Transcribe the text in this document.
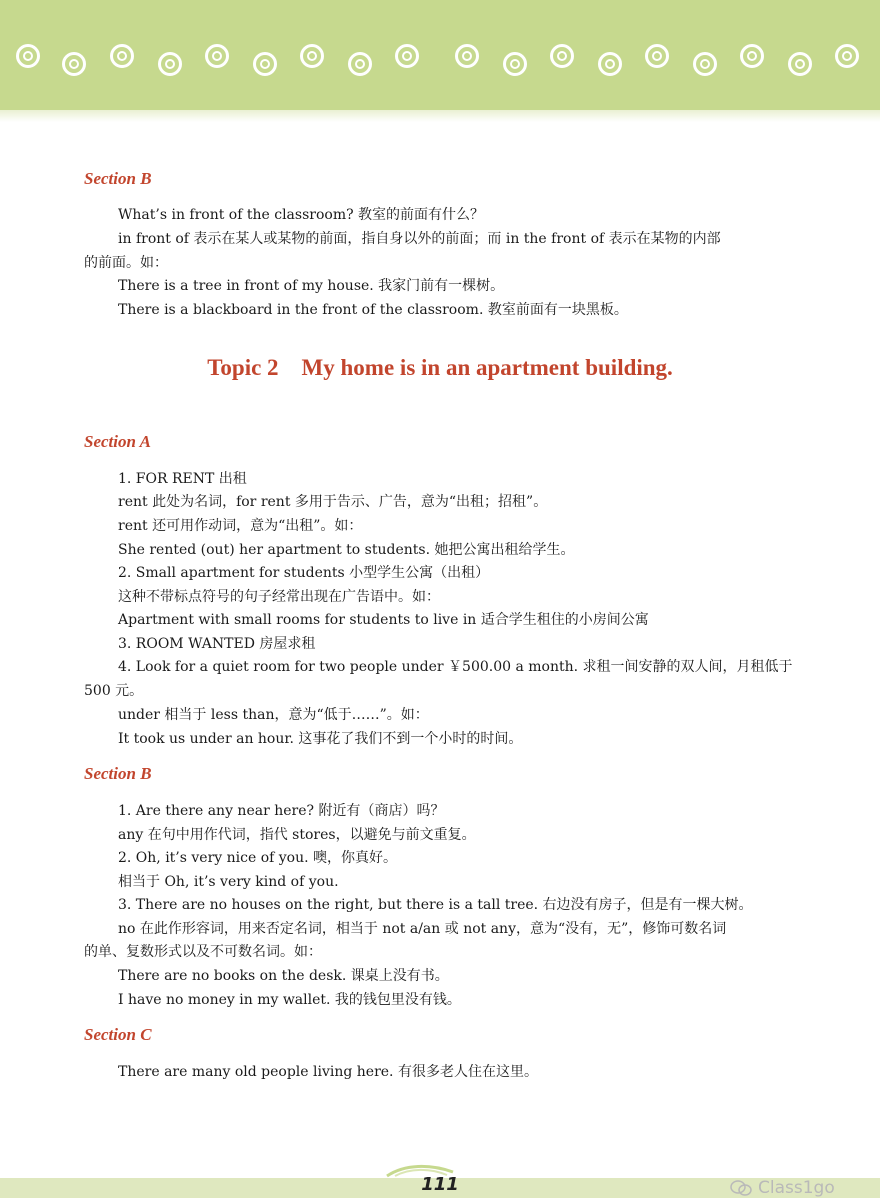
Section B

What’s in front of the classroom? 教室的前面有什么？

in front of 表示在某人或某物的前面，指自身以外的前面；而 in the front of 表示在某物的内部

的前面。如：

There is a tree in front of my house. 我家门前有一棵树。

There is a blackboard in the front of the classroom. 教室前面有一块黑板。

Topic 2    My home is in an apartment building.
Section A

1. FOR RENT 出租

rent 此处为名词，for rent 多用于告示、广告，意为“出租；招租”。

rent 还可用作动词，意为“出租”。如：

She rented (out) her apartment to students. 她把公寓出租给学生。

2. Small apartment for students 小型学生公寓（出租）

这种不带标点符号的句子经常出现在广告语中。如：

Apartment with small rooms for students to live in 适合学生租住的小房间公寓

3. ROOM WANTED 房屋求租

4. Look for a quiet room for two people under ￥500.00 a month. 求租一间安静的双人间，月租低于

500 元。

under 相当于 less than，意为“低于……”。如：

It took us under an hour. 这事花了我们不到一个小时的时间。

Section B

1. Are there any near here? 附近有（商店）吗？

any 在句中用作代词，指代 stores，以避免与前文重复。

2. Oh, it’s very nice of you. 噢，你真好。

相当于 Oh, it’s very kind of you.

3. There are no houses on the right, but there is a tall tree. 右边没有房子，但是有一棵大树。

no 在此作形容词，用来否定名词，相当于 not a/an 或 not any，意为“没有，无”，修饰可数名词

的单、复数形式以及不可数名词。如：

There are no books on the desk. 课桌上没有书。

I have no money in my wallet. 我的钱包里没有钱。

Section C

There are many old people living here. 有很多老人住在这里。

111	Class1go
